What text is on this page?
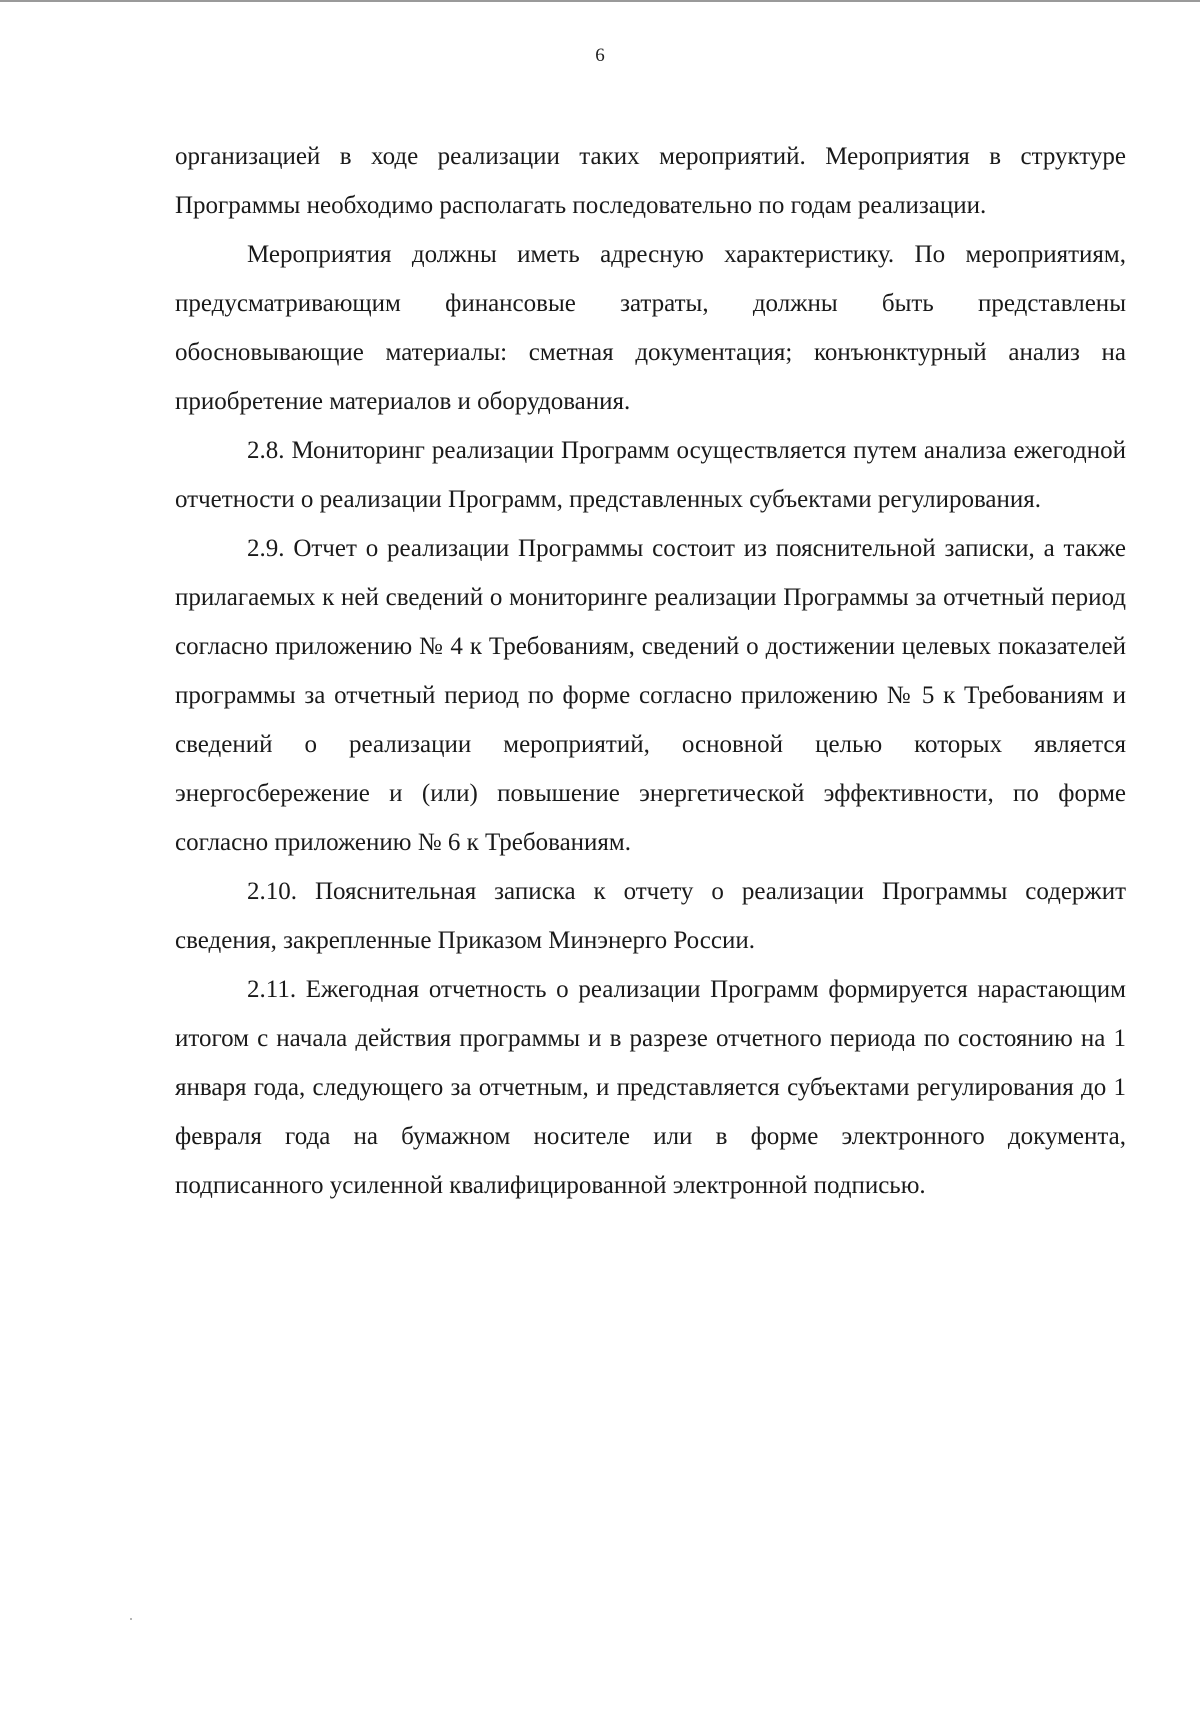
6

организацией в ходе реализации таких мероприятий. Мероприятия в структуре Программы необходимо располагать последовательно по годам реализации.

Мероприятия должны иметь адресную характеристику. По мероприятиям, предусматривающим финансовые затраты, должны быть представлены обосновывающие материалы: сметная документация; конъюнктурный анализ на приобретение материалов и оборудования.

2.8. Мониторинг реализации Программ осуществляется путем анализа ежегодной отчетности о реализации Программ, представленных субъектами регулирования.

2.9. Отчет о реализации Программы состоит из пояснительной записки, а также прилагаемых к ней сведений о мониторинге реализации Программы за отчетный период согласно приложению № 4 к Требованиям, сведений о достижении целевых показателей программы за отчетный период по форме согласно приложению № 5 к Требованиям и сведений о реализации мероприятий, основной целью которых является энергосбережение и (или) повышение энергетической эффективности, по форме согласно приложению № 6 к Требованиям.

2.10. Пояснительная записка к отчету о реализации Программы содержит сведения, закрепленные Приказом Минэнерго России.

2.11. Ежегодная отчетность о реализации Программ формируется нарастающим итогом с начала действия программы и в разрезе отчетного периода по состоянию на 1 января года, следующего за отчетным, и представляется субъектами регулирования до 1 февраля года на бумажном носителе или в форме электронного документа, подписанного усиленной квалифицированной электронной подписью.
